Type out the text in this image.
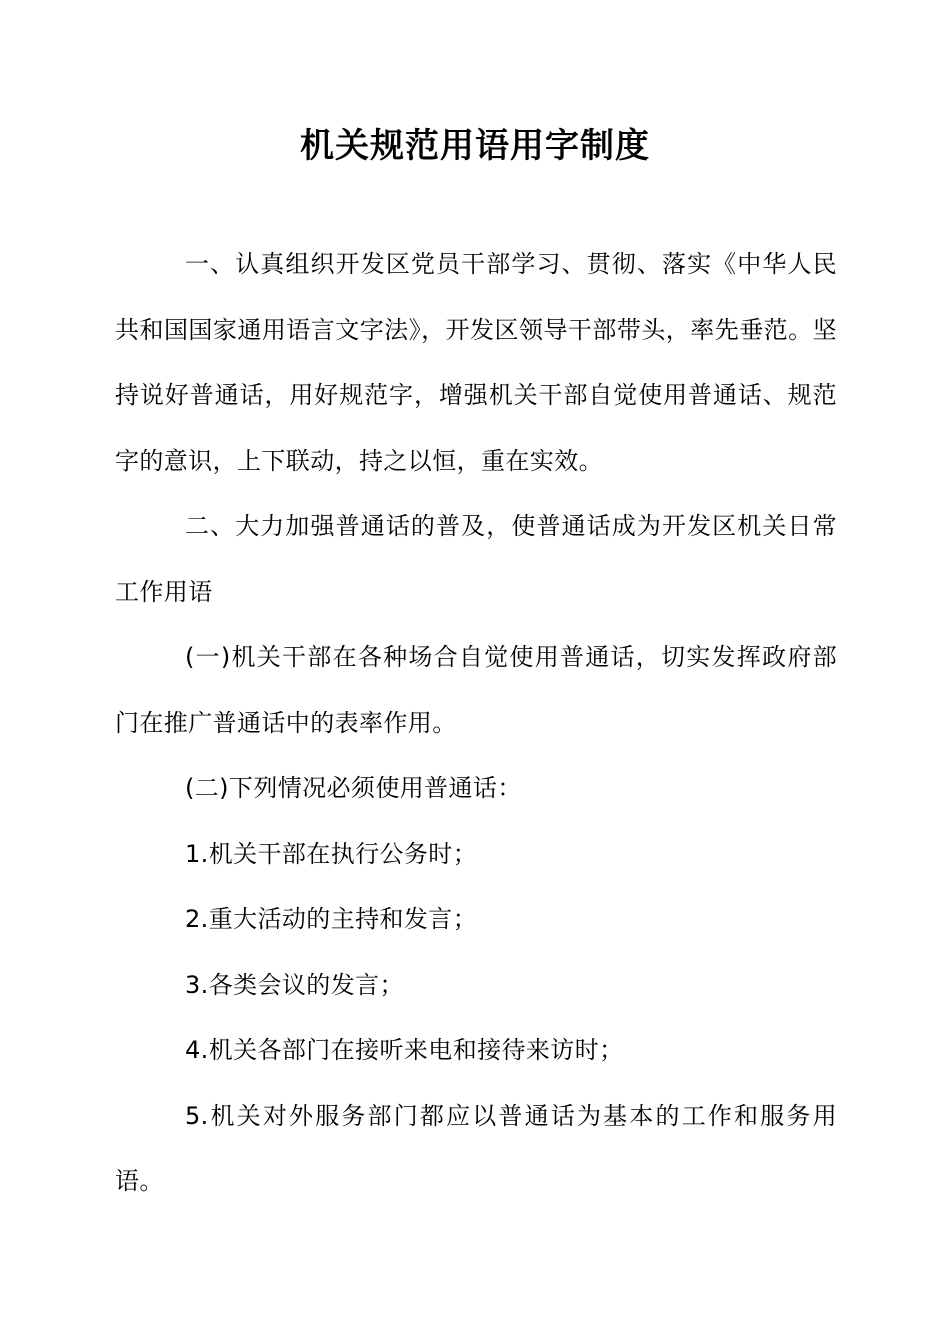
机关规范用语用字制度

一、认真组织开发区党员干部学习、贯彻、落实《中华人民共和国国家通用语言文字法》，开发区领导干部带头，率先垂范。坚持说好普通话，用好规范字，增强机关干部自觉使用普通话、规范字的意识，上下联动，持之以恒，重在实效。

二、大力加强普通话的普及，使普通话成为开发区机关日常工作用语

(一)机关干部在各种场合自觉使用普通话，切实发挥政府部门在推广普通话中的表率作用。

(二)下列情况必须使用普通话：

1.机关干部在执行公务时；

2.重大活动的主持和发言；

3.各类会议的发言；

4.机关各部门在接听来电和接待来访时；

5.机关对外服务部门都应以普通话为基本的工作和服务用语。
